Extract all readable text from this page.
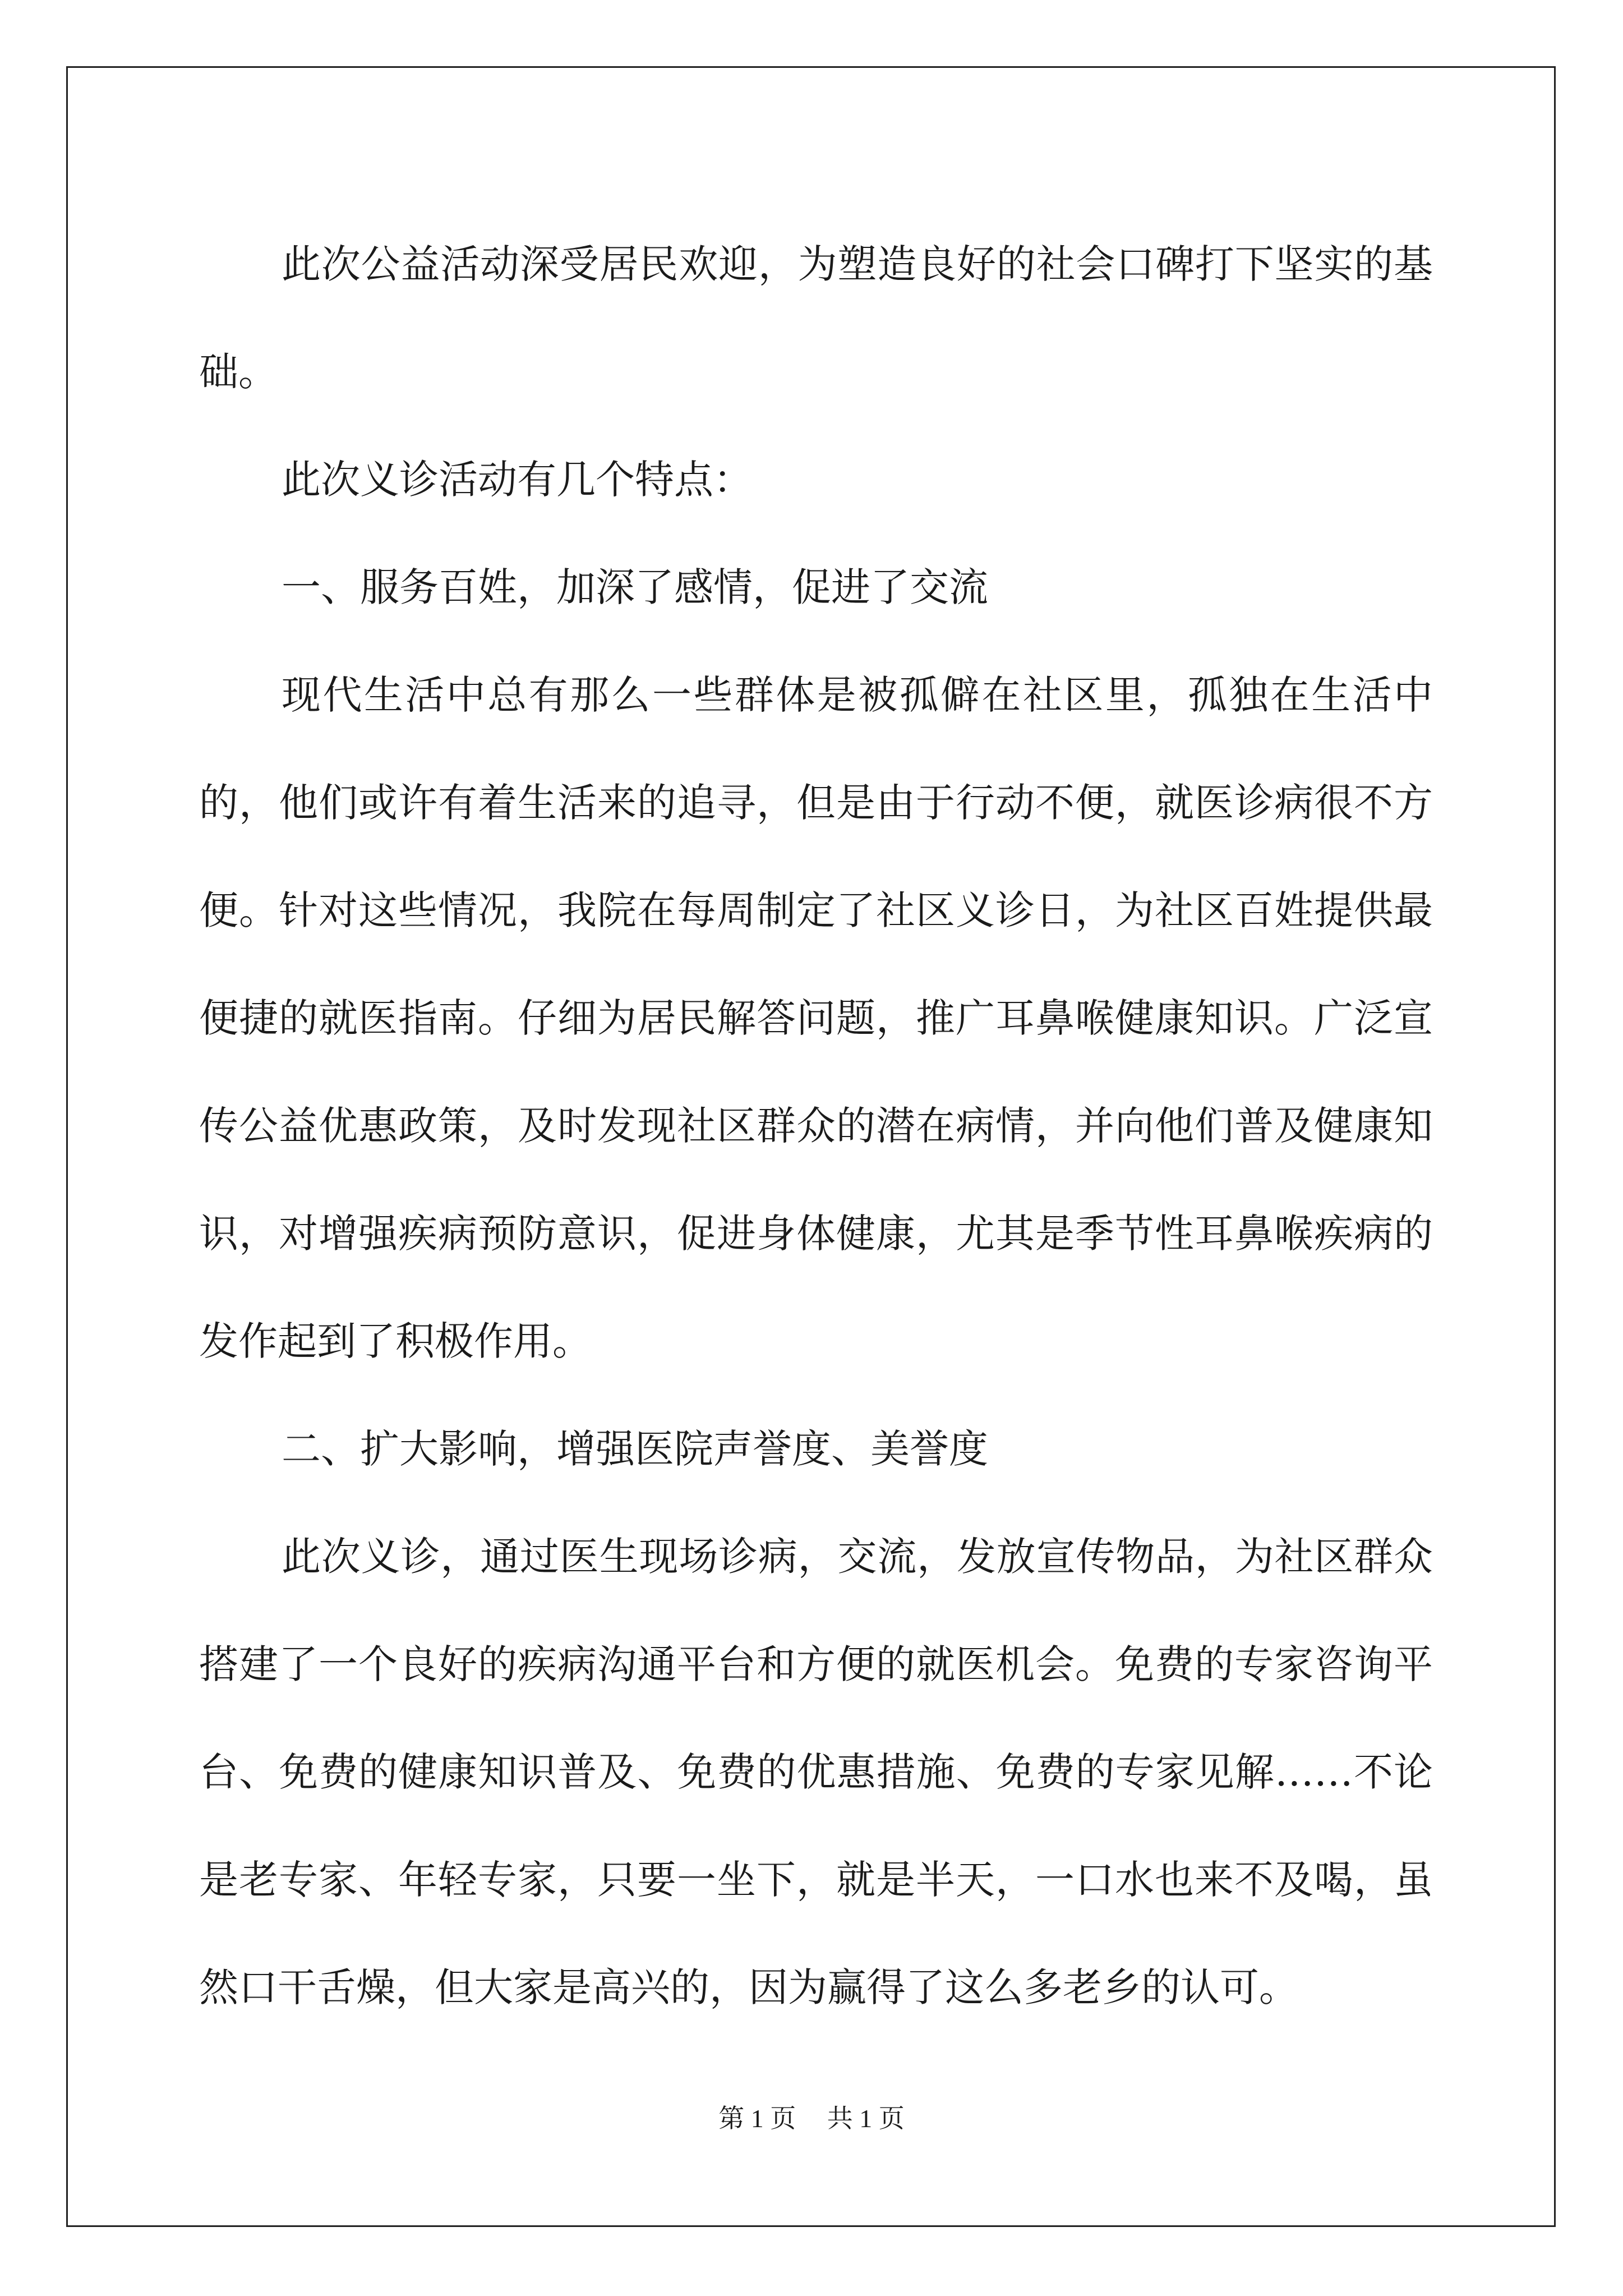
此次公益活动深受居民欢迎，为塑造良好的社会口碑打下坚实的基础。

此次义诊活动有几个特点：

一、服务百姓，加深了感情，促进了交流

现代生活中总有那么一些群体是被孤僻在社区里，孤独在生活中的，他们或许有着生活来的追寻，但是由于行动不便，就医诊病很不方便。针对这些情况，我院在每周制定了社区义诊日，为社区百姓提供最便捷的就医指南。仔细为居民解答问题，推广耳鼻喉健康知识。广泛宣传公益优惠政策，及时发现社区群众的潜在病情，并向他们普及健康知识，对增强疾病预防意识，促进身体健康，尤其是季节性耳鼻喉疾病的发作起到了积极作用。

二、扩大影响，增强医院声誉度、美誉度

此次义诊，通过医生现场诊病，交流，发放宣传物品，为社区群众搭建了一个良好的疾病沟通平台和方便的就医机会。免费的专家咨询平台、免费的健康知识普及、免费的优惠措施、免费的专家见解……不论是老专家、年轻专家，只要一坐下，就是半天，一口水也来不及喝，虽然口干舌燥，但大家是高兴的，因为赢得了这么多老乡的认可。

第 1 页 共 1 页
